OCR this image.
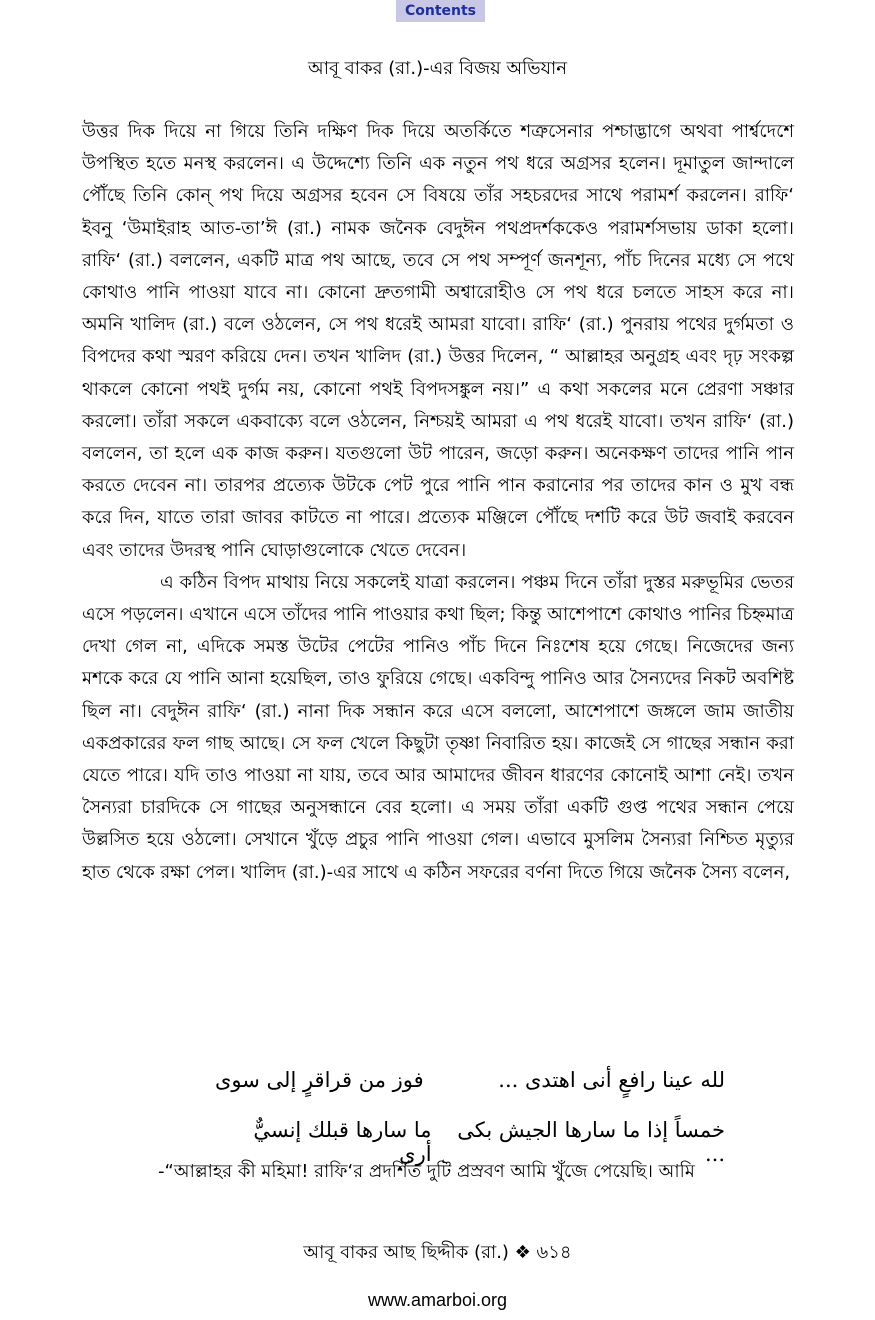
Contents
আবূ বাকর (রা.)-এর বিজয় অভিযান

উত্তর দিক দিয়ে না গিয়ে তিনি দক্ষিণ দিক দিয়ে অতর্কিতে শত্রুসেনার পশ্চাদ্ভাগে অথবা পার্শ্বদেশে উপস্থিত হতে মনস্থ করলেন। এ উদ্দেশ্যে তিনি এক নতুন পথ ধরে অগ্রসর হলেন। দূমাতুল জান্দালে পৌঁছে তিনি কোন্ পথ দিয়ে অগ্রসর হবেন সে বিষয়ে তাঁর সহচরদের সাথে পরামর্শ করলেন। রাফি‘ ইবনু ‘উমাইরাহ আত-তা’ঈ (রা.) নামক জনৈক বেদুঈন পথপ্রদর্শককেও পরামর্শসভায় ডাকা হলো। রাফি‘ (রা.) বললেন, একটি মাত্র পথ আছে, তবে সে পথ সম্পূর্ণ জনশূন্য, পাঁচ দিনের মধ্যে সে পথে কোথাও পানি পাওয়া যাবে না। কোনো দ্রুতগামী অশ্বারোহীও সে পথ ধরে চলতে সাহস করে না। অমনি খালিদ (রা.) বলে ওঠলেন, সে পথ ধরেই আমরা যাবো। রাফি‘ (রা.) পুনরায় পথের দুর্গমতা ও বিপদের কথা স্মরণ করিয়ে দেন। তখন খালিদ (রা.) উত্তর দিলেন, “ আল্লাহর অনুগ্রহ এবং দৃঢ় সংকল্প থাকলে কোনো পথই দুর্গম নয়, কোনো পথই বিপদসঙ্কুল নয়।” এ কথা সকলের মনে প্রেরণা সঞ্চার করলো। তাঁরা সকলে একবাক্যে বলে ওঠলেন, নিশ্চয়ই আমরা এ পথ ধরেই যাবো। তখন রাফি‘ (রা.) বললেন, তা হলে এক কাজ করুন। যতগুলো উট পারেন, জড়ো করুন। অনেকক্ষণ তাদের পানি পান করতে দেবেন না। তারপর প্রত্যেক উটকে পেট পুরে পানি পান করানোর পর তাদের কান ও মুখ বন্ধ করে দিন, যাতে তারা জাবর কাটতে না পারে। প্রত্যেক মঞ্জিলে পৌঁছে দশটি করে উট জবাই করবেন এবং তাদের উদরস্থ পানি ঘোড়াগুলোকে খেতে দেবেন।

এ কঠিন বিপদ মাথায় নিয়ে সকলেই যাত্রা করলেন। পঞ্চম দিনে তাঁরা দুস্তর মরুভূমির ভেতর এসে পড়লেন। এখানে এসে তাঁদের পানি পাওয়ার কথা ছিল; কিন্তু আশেপাশে কোথাও পানির চিহ্নমাত্র দেখা গেল না, এদিকে সমস্ত উটের পেটের পানিও পাঁচ দিনে নিঃশেষ হয়ে গেছে। নিজেদের জন্য মশকে করে যে পানি আনা হয়েছিল, তাও ফুরিয়ে গেছে। একবিন্দু পানিও আর সৈন্যদের নিকট অবশিষ্ট ছিল না। বেদুঈন রাফি‘ (রা.) নানা দিক সন্ধান করে এসে বললো, আশেপাশে জঙ্গলে জাম জাতীয় একপ্রকারের ফল গাছ আছে। সে ফল খেলে কিছুটা তৃষ্ণা নিবারিত হয়। কাজেই সে গাছের সন্ধান করা যেতে পারে। যদি তাও পাওয়া না যায়, তবে আর আমাদের জীবন ধারণের কোনোই আশা নেই। তখন সৈন্যরা চারদিকে সে গাছের অনুসন্ধানে বের হলো। এ সময় তাঁরা একটি গুপ্ত পথের সন্ধান পেয়ে উল্লসিত হয়ে ওঠলো। সেখানে খুঁড়ে প্রচুর পানি পাওয়া গেল। এভাবে মুসলিম সৈন্যরা নিশ্চিত মৃত্যুর হাত থেকে রক্ষা পেল। খালিদ (রা.)-এর সাথে এ কঠিন সফরের বর্ণনা দিতে গিয়ে জনৈক সৈন্য বলেন,

لله عينا رافعٍ أنى اهتدى ...
فوز من قراقرٍ إلى سوى
خمساً إذا ما سارها الجيش بكى ...
ما سارها قبلك إنسيٌّ أرى
-“আল্লাহর কী মহিমা! রাফি‘র প্রদর্শিত দুটি প্রস্রবণ আমি খুঁজে পেয়েছি। আমি
আবূ বাকর আছ ছিদ্দীক (রা.) ❖ ৬১৪
www.amarboi.org
